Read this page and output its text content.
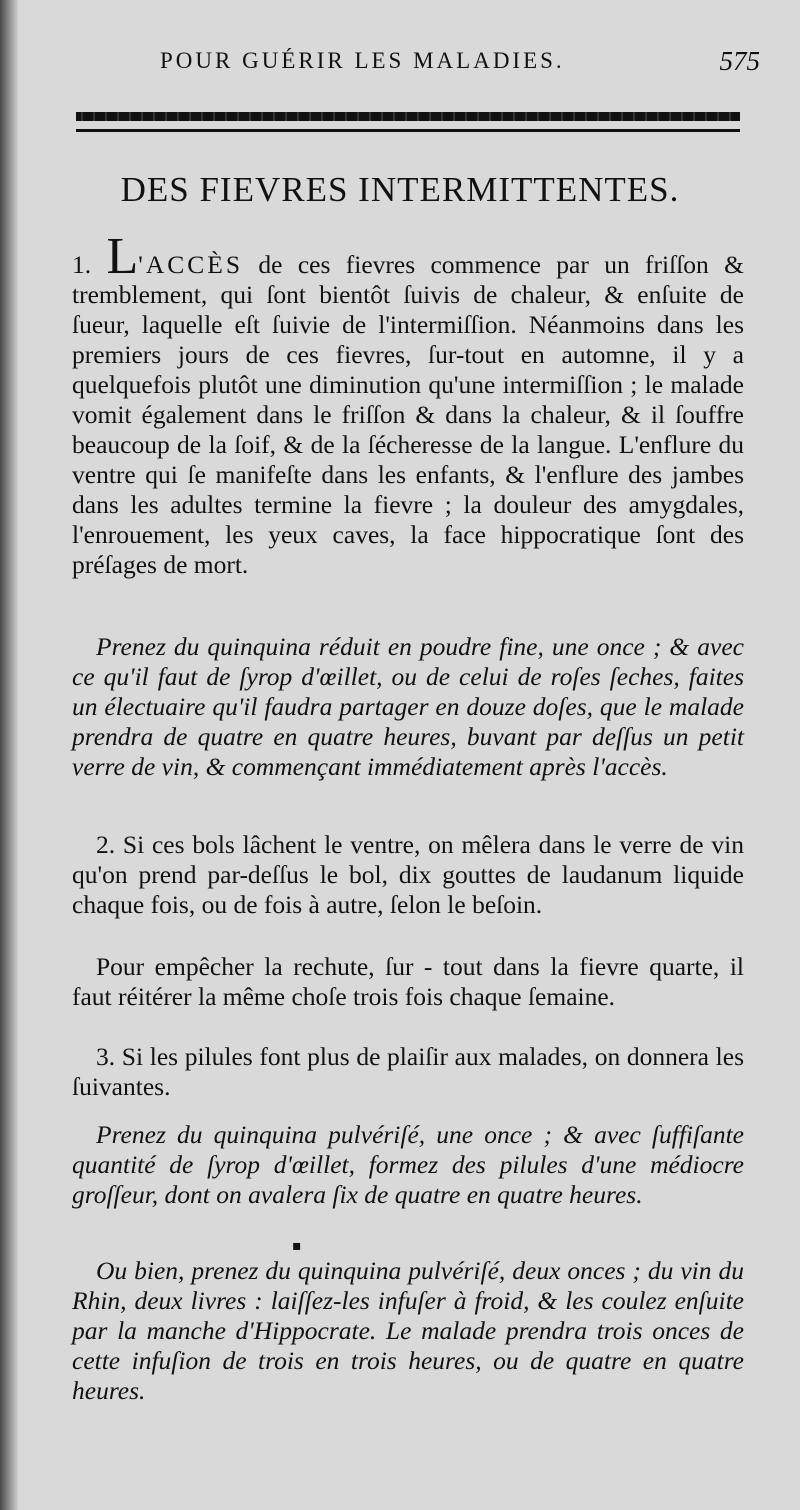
POUR GUÉRIR LES MALADIES.	575
DES FIEVRES INTERMITTENTES.

1. L'ACCÈS de ces fievres commence par un friſſon & tremblement, qui ſont bientôt ſuivis de chaleur, & enſuite de ſueur, laquelle eſt ſuivie de l'intermiſſion. Néanmoins dans les premiers jours de ces fievres, ſur-tout en automne, il y a quelquefois plutôt une diminution qu'une intermiſſion ; le malade vomit également dans le friſſon & dans la chaleur, & il ſouffre beaucoup de la ſoif, & de la ſécheresse de la langue. L'enflure du ventre qui ſe manifeſte dans les enfants, & l'enflure des jambes dans les adultes termine la fievre ; la douleur des amygdales, l'enrouement, les yeux caves, la face hippocratique ſont des préſages de mort.

Prenez du quinquina réduit en poudre fine, une once ; & avec ce qu'il faut de ſyrop d'œillet, ou de celui de roſes ſeches, faites un électuaire qu'il faudra partager en douze doſes, que le malade prendra de quatre en quatre heures, buvant par deſſus un petit verre de vin, & commençant immédiatement après l'accès.

2. Si ces bols lâchent le ventre, on mêlera dans le verre de vin qu'on prend par-deſſus le bol, dix gouttes de laudanum liquide chaque fois, ou de fois à autre, ſelon le beſoin.

Pour empêcher la rechute, ſur - tout dans la fievre quarte, il faut réitérer la même choſe trois fois chaque ſemaine.

3. Si les pilules font plus de plaiſir aux malades, on donnera les ſuivantes.

Prenez du quinquina pulvériſé, une once ; & avec ſuffiſante quantité de ſyrop d'œillet, formez des pilules d'une médiocre groſſeur, dont on avalera ſix de quatre en quatre heures.

▪

Ou bien, prenez du quinquina pulvériſé, deux onces ; du vin du Rhin, deux livres : laiſſez-les infuſer à froid, & les coulez enſuite par la manche d'Hippocrate. Le malade prendra trois onces de cette infuſion de trois en trois heures, ou de quatre en quatre heures.
